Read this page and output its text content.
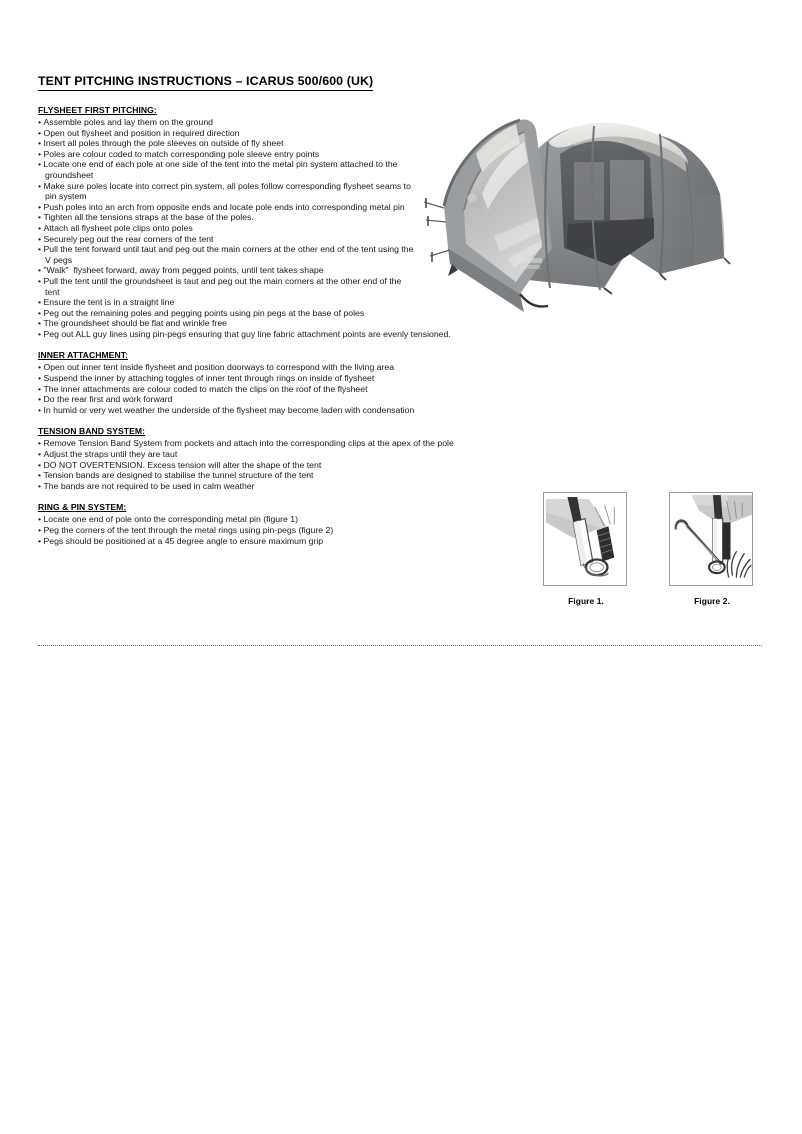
TENT PITCHING INSTRUCTIONS – ICARUS 500/600 (UK)
FLYSHEET FIRST PITCHING:
• Assemble poles and lay them on the ground
• Open out flysheet and position in required direction
• Insert all poles through the pole sleeves on outside of fly sheet
• Poles are colour coded to match corresponding pole sleeve entry points
• Locate one end of each pole at one side of the tent into the metal pin system attached to the groundsheet
• Make sure poles locate into correct pin system, all poles follow corresponding flysheet seams to pin system
• Push poles into an arch from opposite ends and locate pole ends into corresponding metal pin
• Tighten all the tensions straps at the base of the poles.
• Attach all flysheet pole clips onto poles
• Securely peg out the rear corners of the tent
• Pull the tent forward until taut and peg out the main corners at the other end of the tent using the V pegs
• "Walk"  flysheet forward, away from pegged points, until tent takes shape
• Pull the tent until the groundsheet is taut and peg out the main corners at the other end of the tent
• Ensure the tent is in a straight line
• Peg out the remaining poles and pegging points using pin pegs at the base of poles
• The groundsheet should be flat and wrinkle free
• Peg out ALL guy lines using pin-pegs ensuring that guy line fabric attachment points are evenly tensioned.
INNER ATTACHMENT:
• Open out inner tent inside flysheet and position doorways to correspond with the living area
• Suspend the inner by attaching toggles of inner tent through rings on inside of flysheet
• The inner attachments are colour coded to match the clips on the roof of the flysheet
• Do the rear first and work forward
• In humid or very wet weather the underside of the flysheet may become laden with condensation
TENSION BAND SYSTEM:
• Remove Tension Band System from pockets and attach into the corresponding clips at the apex of the pole
• Adjust the straps until they are taut
• DO NOT OVERTENSION. Excess tension will alter the shape of the tent
• Tension bands are designed to stabilise the tunnel structure of the tent
• The bands are not required to be used in calm weather
RING & PIN SYSTEM:
• Locate one end of pole onto the corresponding metal pin (figure 1)
• Peg the corners of the tent through the metal rings using pin-pegs (figure 2)
• Pegs should be positioned at a 45 degree angle to ensure maximum grip
Figure 1.	Figure 2.
